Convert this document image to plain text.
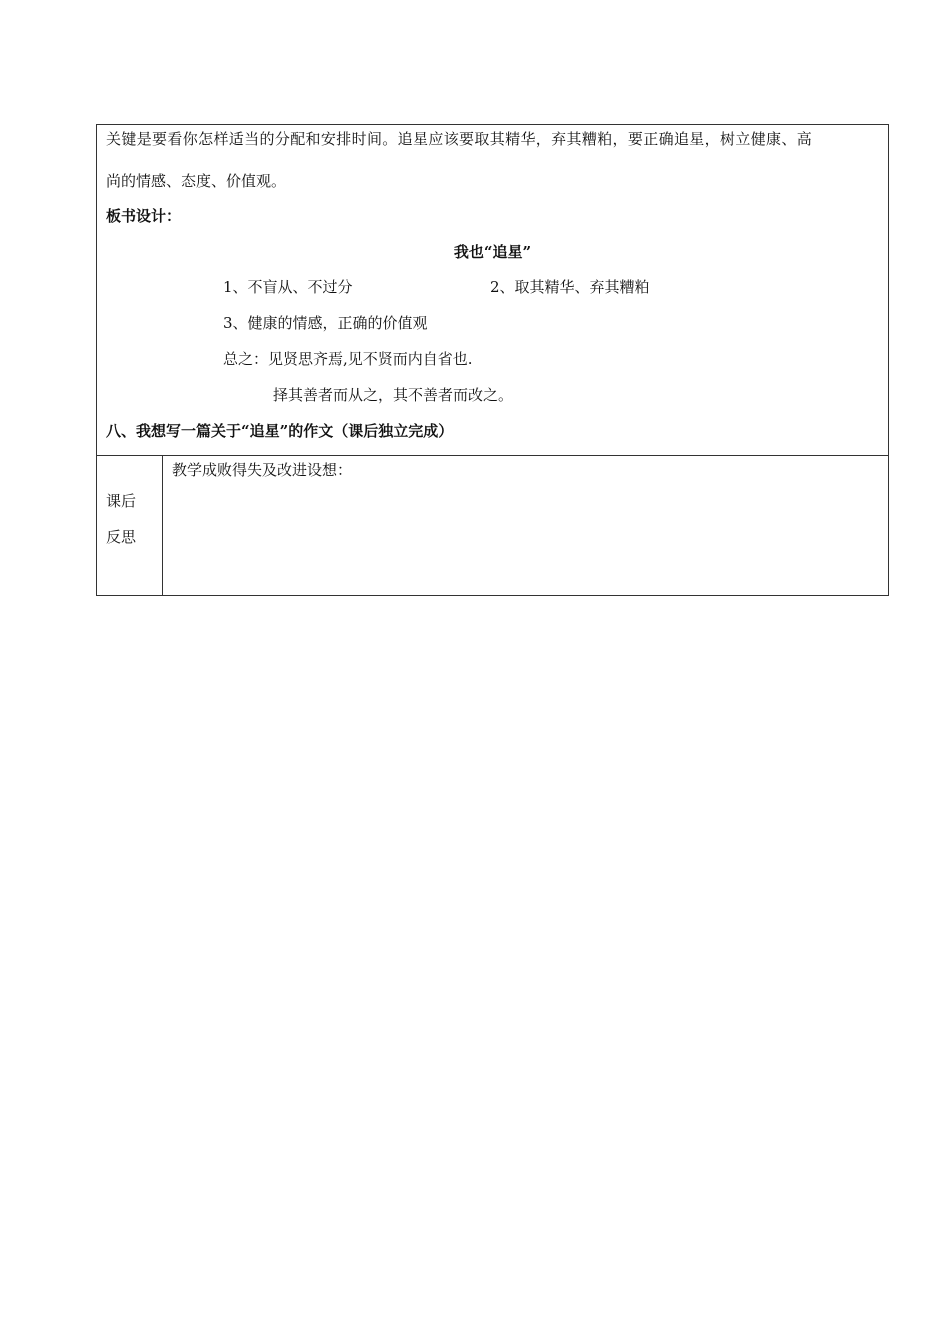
关键是要看你怎样适当的分配和安排时间。追星应该要取其精华，弃其糟粕，要正确追星，树立健康、高
尚的情感、态度、价值观。
板书设计：
我也“追星”
1、不盲从、不过分	2、取其精华、弃其糟粕
3、健康的情感，正确的价值观
总之：见贤思齐焉,见不贤而内自省也.
择其善者而从之，其不善者而改之。
八、我想写一篇关于“追星”的作文（课后独立完成）
课后
反思
教学成败得失及改进设想：
